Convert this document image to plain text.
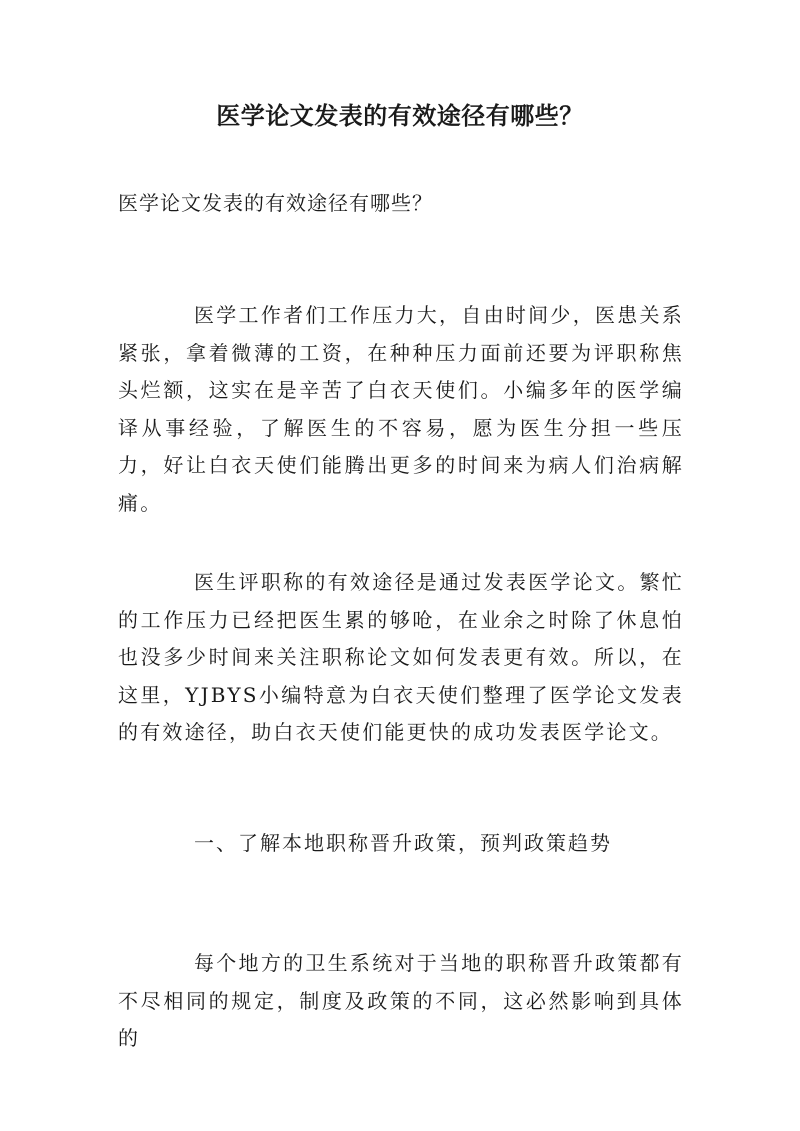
医学论文发表的有效途径有哪些？

医学论文发表的有效途径有哪些？

医学工作者们工作压力大，自由时间少，医患关系紧张，拿着微薄的工资，在种种压力面前还要为评职称焦头烂额，这实在是辛苦了白衣天使们。小编多年的医学编译从事经验，了解医生的不容易，愿为医生分担一些压力，好让白衣天使们能腾出更多的时间来为病人们治病解痛。

医生评职称的有效途径是通过发表医学论文。繁忙的工作压力已经把医生累的够呛，在业余之时除了休息怕也没多少时间来关注职称论文如何发表更有效。所以，在这里，YJBYS小编特意为白衣天使们整理了医学论文发表的有效途径，助白衣天使们能更快的成功发表医学论文。

一、了解本地职称晋升政策，预判政策趋势

每个地方的卫生系统对于当地的职称晋升政策都有不尽相同的规定，制度及政策的不同，这必然影响到具体的
